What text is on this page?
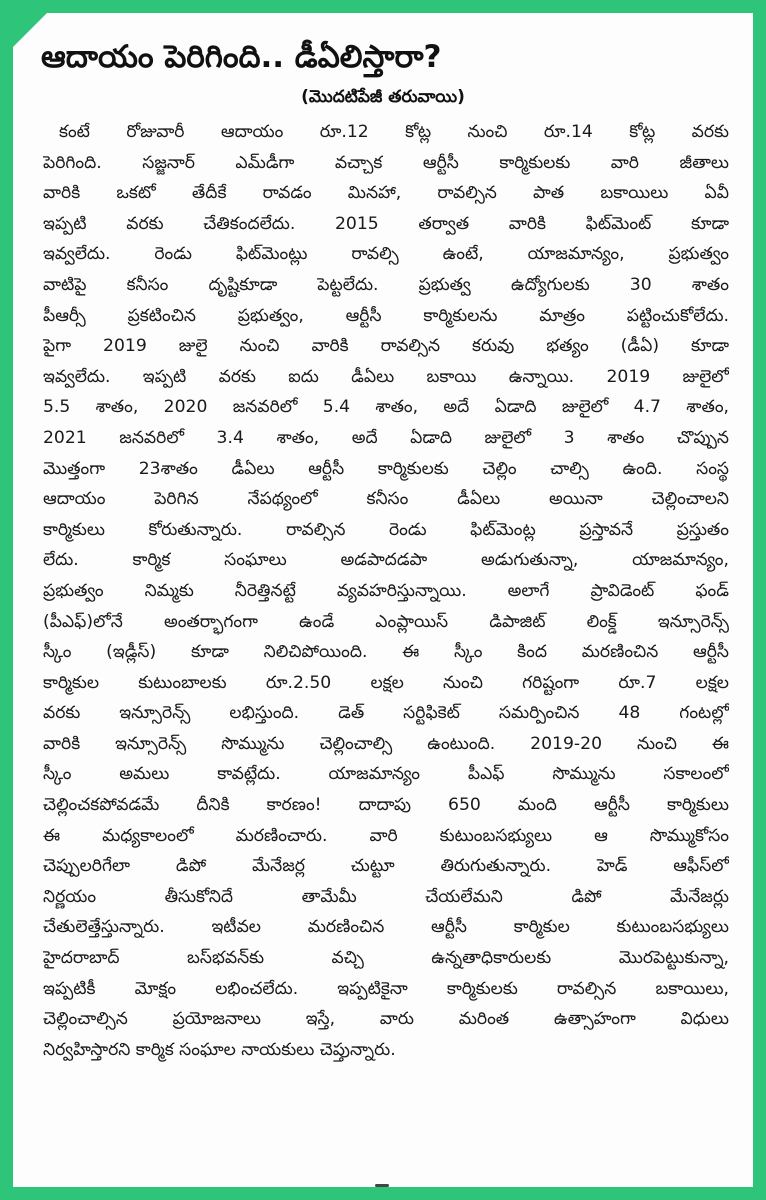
ఆదాయం పెరిగింది.. డీఏలిస్తారా?
(మొదటిపేజీ తరువాయి)
కంటే రోజువారీ ఆదాయం రూ.12 కోట్ల నుంచి రూ.14 కోట్ల వరకు
పెరిగింది. సజ్జనార్ ఎమ్‌డీగా వచ్చాక ఆర్టీసీ కార్మికులకు వారి జీతాలు
వారికి ఒకటో తేదీకే రావడం మినహా, రావల్సిన పాత బకాయిలు ఏవీ
ఇప్పటి వరకు చేతికందలేదు. 2015 తర్వాత వారికి ఫిట్‌మెంట్ కూడా
ఇవ్వలేదు. రెండు ఫిట్‌మెంట్లు రావల్సి ఉంటే, యాజమాన్యం, ప్రభుత్వం
వాటిపై కనీసం దృష్టికూడా పెట్టలేదు. ప్రభుత్వ ఉద్యోగులకు 30 శాతం
పీఆర్సీ ప్రకటించిన ప్రభుత్వం, ఆర్టీసీ కార్మికులను మాత్రం పట్టించుకోలేదు.
పైగా 2019 జులై నుంచి వారికి రావల్సిన కరువు భత్యం (డీఏ) కూడా
ఇవ్వలేదు. ఇప్పటి వరకు ఐదు డీఏలు బకాయి ఉన్నాయి. 2019 జులైలో
5.5 శాతం, 2020 జనవరిలో 5.4 శాతం, అదే ఏడాది జులైలో 4.7 శాతం,
2021 జనవరిలో 3.4 శాతం, అదే ఏడాది జులైలో 3 శాతం చొప్పున
మొత్తంగా 23శాతం డీఏలు ఆర్టీసీ కార్మికులకు చెల్లిం చాల్సి ఉంది. సంస్థ
ఆదాయం పెరిగిన నేపథ్యంలో కనీసం డీఏలు అయినా చెల్లించాలని
కార్మికులు కోరుతున్నారు. రావల్సిన రెండు ఫిట్‌మెంట్ల ప్రస్తావనే ప్రస్తుతం
లేదు. కార్మిక సంఘాలు అడపాదడపా అడుగుతున్నా, యాజమాన్యం,
ప్రభుత్వం నిమ్మకు నీరెత్తినట్టే వ్యవహరిస్తున్నాయి. అలాగే ప్రావిడెంట్ ఫండ్
(పీఎఫ్)లోనే అంతర్భాగంగా ఉండే ఎంప్లాయిస్ డిపాజిట్ లింక్డ్ ఇన్సూరెన్స్
స్కీం (ఇడ్లీస్) కూడా నిలిచిపోయింది. ఈ స్కీం కింద మరణించిన ఆర్టీసీ
కార్మికుల కుటుంబాలకు రూ.2.50 లక్షల నుంచి గరిష్టంగా రూ.7 లక్షల
వరకు ఇన్సూరెన్స్ లభిస్తుంది. డెత్ సర్టిఫికెట్ సమర్పించిన 48 గంటల్లో
వారికి ఇన్సూరెన్స్ సొమ్మును చెల్లించాల్సి ఉంటుంది. 2019-20 నుంచి ఈ
స్కీం అమలు కావట్లేదు. యాజమాన్యం పీఎఫ్ సొమ్మును సకాలంలో
చెల్లించకపోవడమే దీనికి కారణం! దాదాపు 650 మంది ఆర్టీసీ కార్మికులు
ఈ మధ్యకాలంలో మరణించారు. వారి కుటుంబసభ్యులు ఆ సొమ్ముకోసం
చెప్పులరిగేలా డిపో మేనేజర్ల చుట్టూ తిరుగుతున్నారు. హెడ్ ఆఫీస్‌లో
నిర్ణయం తీసుకోనిదే తామేమీ చేయలేమని డిపో మేనేజర్లు
చేతులెత్తేస్తున్నారు. ఇటీవల మరణించిన ఆర్టీసీ కార్మికుల కుటుంబసభ్యులు
హైదరాబాద్ బస్‌భవన్‌కు వచ్చి ఉన్నతాధికారులకు మొరపెట్టుకున్నా,
ఇప్పటికీ మోక్షం లభించలేదు. ఇప్పటికైనా కార్మికులకు రావల్సిన బకాయిలు,
చెల్లించాల్సిన ప్రయోజనాలు ఇస్తే, వారు మరింత ఉత్సాహంగా విధులు
నిర్వహిస్తారని కార్మిక సంఘాల నాయకులు చెప్తున్నారు.
